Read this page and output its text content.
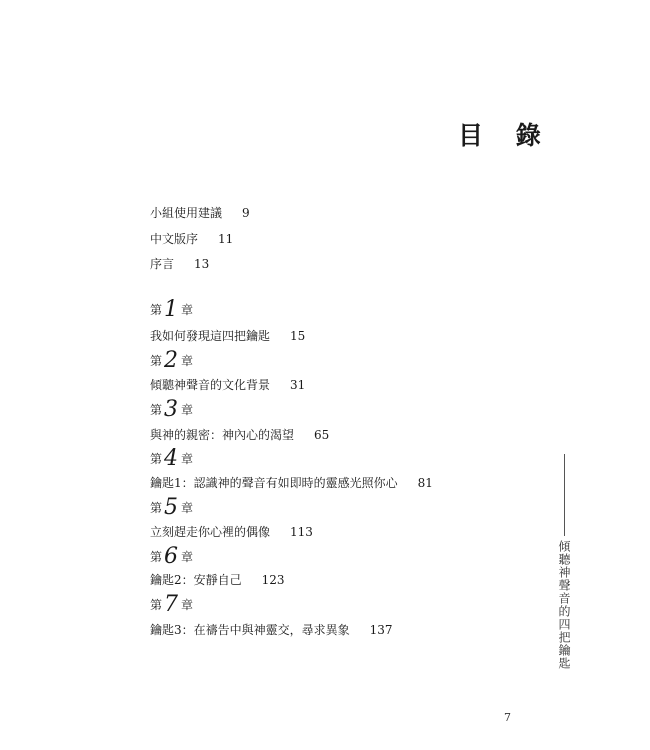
目 錄
小組使用建議 9
中文版序 11
序言 13
第1 章
我如何發現這四把鑰匙 15
第2 章
傾聽神聲音的文化背景 31
第3 章
與神的親密：神內心的渴望 65
第4 章
鑰匙1：認識神的聲音有如即時的靈感光照你心 81
第5 章
立刻趕走你心裡的偶像 113
第6 章
鑰匙2：安靜自己 123
第7 章
鑰匙3：在禱告中與神靈交，尋求異象 137	傾聽神聲音的四把鑰匙
7
